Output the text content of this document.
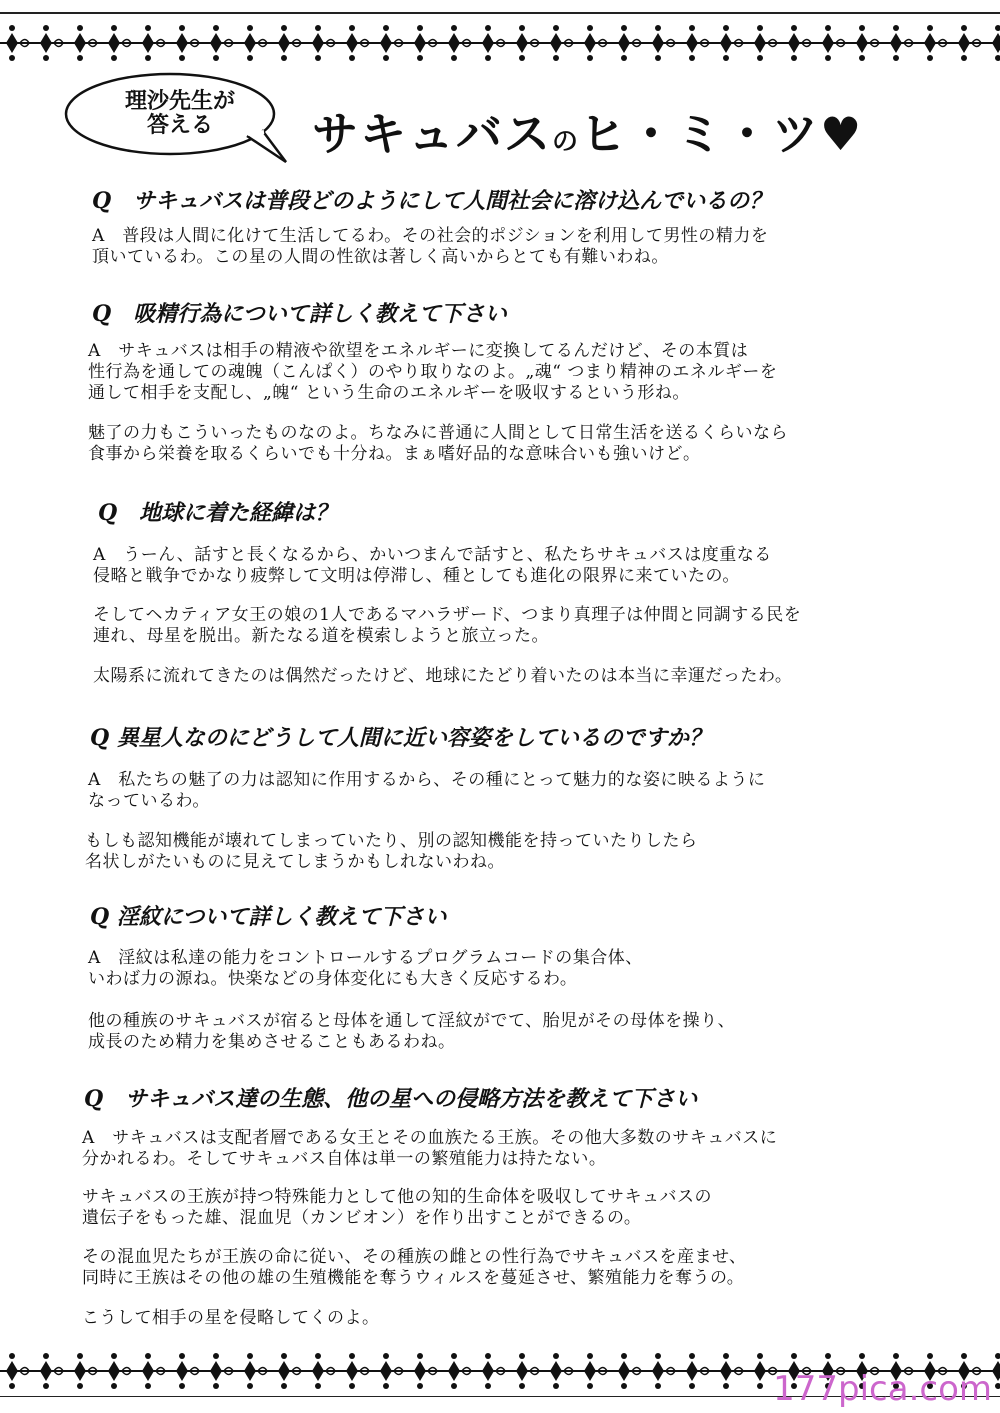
理沙先生が
答える	サキュバスのヒ・ミ・ツ♥
Q　サキュバスは普段どのようにして人間社会に溶け込んでいるの？
A　普段は人間に化けて生活してるわ。その社会的ポジションを利用して男性の精力を
頂いているわ。この星の人間の性欲は著しく高いからとても有難いわね。
Q　吸精行為について詳しく教えて下さい
A　サキュバスは相手の精液や欲望をエネルギーに変換してるんだけど、その本質は
性行為を通しての魂魄（こんぱく）のやり取りなのよ。„魂“ つまり精神のエネルギーを
通して相手を支配し、„魄“ という生命のエネルギーを吸収するという形ね。
魅了の力もこういったものなのよ。ちなみに普通に人間として日常生活を送るくらいなら
食事から栄養を取るくらいでも十分ね。まぁ嗜好品的な意味合いも強いけど。
Q　地球に着た経緯は？
A　うーん、話すと長くなるから、かいつまんで話すと、私たちサキュバスは度重なる
侵略と戦争でかなり疲弊して文明は停滞し、種としても進化の限界に来ていたの。
そしてヘカティア女王の娘の1人であるマハラザード、つまり真理子は仲間と同調する民を
連れ、母星を脱出。新たなる道を模索しようと旅立った。
太陽系に流れてきたのは偶然だったけど、地球にたどり着いたのは本当に幸運だったわ。
Q 異星人なのにどうして人間に近い容姿をしているのですか？
A　私たちの魅了の力は認知に作用するから、その種にとって魅力的な姿に映るように
なっているわ。
もしも認知機能が壊れてしまっていたり、別の認知機能を持っていたりしたら
名状しがたいものに見えてしまうかもしれないわね。
Q 淫紋について詳しく教えて下さい
A　淫紋は私達の能力をコントロールするプログラムコードの集合体、
いわば力の源ね。快楽などの身体変化にも大きく反応するわ。
他の種族のサキュバスが宿ると母体を通して淫紋がでて、胎児がその母体を操り、
成長のため精力を集めさせることもあるわね。
Q　サキュバス達の生態、他の星への侵略方法を教えて下さい
A　サキュバスは支配者層である女王とその血族たる王族。その他大多数のサキュバスに
分かれるわ。そしてサキュバス自体は単一の繁殖能力は持たない。
サキュバスの王族が持つ特殊能力として他の知的生命体を吸収してサキュバスの
遺伝子をもった雄、混血児（カンビオン）を作り出すことができるの。
その混血児たちが王族の命に従い、その種族の雌との性行為でサキュバスを産ませ、
同時に王族はその他の雄の生殖機能を奪うウィルスを蔓延させ、繁殖能力を奪うの。
こうして相手の星を侵略してくのよ。
177pica.com
